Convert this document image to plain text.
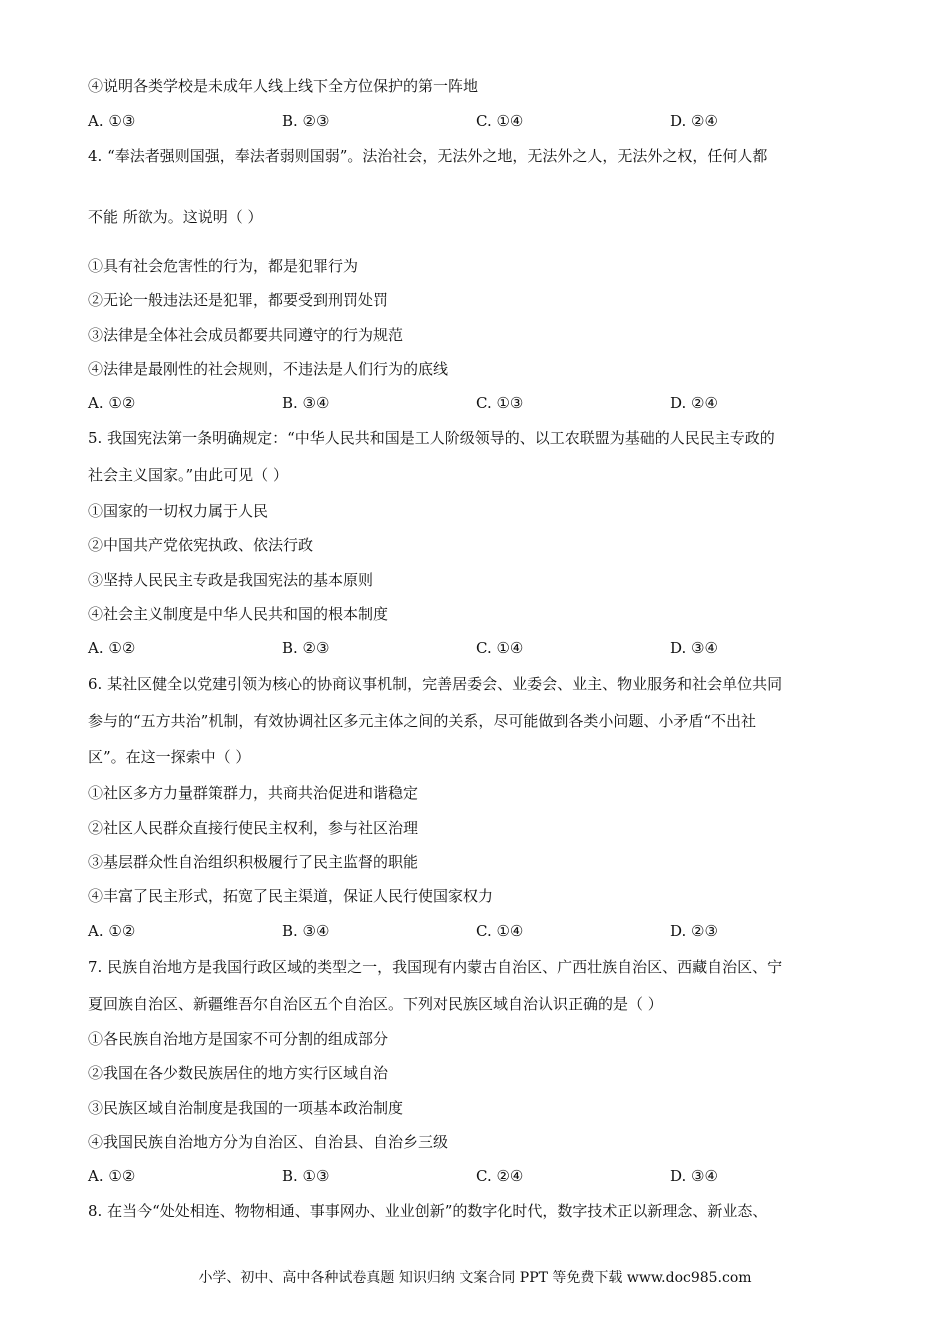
④说明各类学校是未成年人线上线下全方位保护的第一阵地
A. ①③	B. ②③	C. ①④	D. ②④
4. “奉法者强则国强，奉法者弱则国弱”。法治社会，无法外之地，无法外之人，无法外之权，任何人都
不能 所欲为。这说明（ ）
①具有社会危害性的行为，都是犯罪行为
②无论一般违法还是犯罪，都要受到刑罚处罚
③法律是全体社会成员都要共同遵守的行为规范
④法律是最刚性的社会规则，不违法是人们行为的底线
A. ①②	B. ③④	C. ①③	D. ②④
5. 我国宪法第一条明确规定：“中华人民共和国是工人阶级领导的、以工农联盟为基础的人民民主专政的
社会主义国家。”由此可见（ ）
①国家的一切权力属于人民
②中国共产党依宪执政、依法行政
③坚持人民民主专政是我国宪法的基本原则
④社会主义制度是中华人民共和国的根本制度
A. ①②	B. ②③	C. ①④	D. ③④
6. 某社区健全以党建引领为核心的协商议事机制，完善居委会、业委会、业主、物业服务和社会单位共同
参与的“五方共治”机制，有效协调社区多元主体之间的关系，尽可能做到各类小问题、小矛盾“不出社
区”。在这一探索中（ ）
①社区多方力量群策群力，共商共治促进和谐稳定
②社区人民群众直接行使民主权利，参与社区治理
③基层群众性自治组织积极履行了民主监督的职能
④丰富了民主形式，拓宽了民主渠道，保证人民行使国家权力
A. ①②	B. ③④	C. ①④	D. ②③
7. 民族自治地方是我国行政区域的类型之一，我国现有内蒙古自治区、广西壮族自治区、西藏自治区、宁
夏回族自治区、新疆维吾尔自治区五个自治区。下列对民族区域自治认识正确的是（ ）
①各民族自治地方是国家不可分割的组成部分
②我国在各少数民族居住的地方实行区域自治
③民族区域自治制度是我国的一项基本政治制度
④我国民族自治地方分为自治区、自治县、自治乡三级
A. ①②	B. ①③	C. ②④	D. ③④
8. 在当今“处处相连、物物相通、事事网办、业业创新”的数字化时代，数字技术正以新理念、新业态、
小学、初中、高中各种试卷真题 知识归纳 文案合同 PPT 等免费下载 www.doc985.com
